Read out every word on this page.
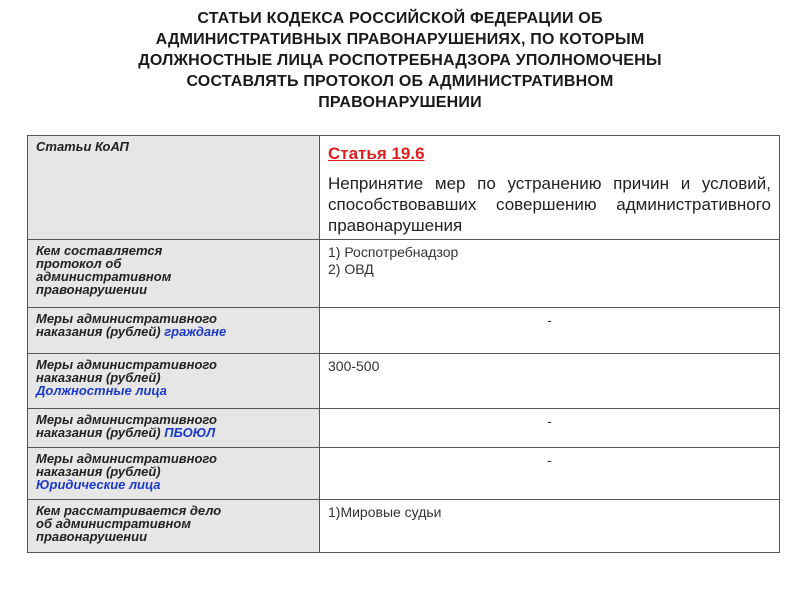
СТАТЬИ КОДЕКСА РОССИЙСКОЙ ФЕДЕРАЦИИ ОБ
АДМИНИСТРАТИВНЫХ ПРАВОНАРУШЕНИЯХ, ПО КОТОРЫМ
ДОЛЖНОСТНЫЕ ЛИЦА РОСПОТРЕБНАДЗОРА УПОЛНОМОЧЕНЫ
СОСТАВЛЯТЬ ПРОТОКОЛ ОБ АДМИНИСТРАТИВНОМ
ПРАВОНАРУШЕНИИ
Статьи КоАП	Статья 19.6
Непринятие мер по устранению причин и условий, способствовавших совершению административного правонарушения

Кем составляется
протокол об
административном
правонарушении	1) Роспотребнадзор
2) ОВД

Меры административного
наказания (рублей) граждане	-

Меры административного
наказания (рублей)
Должностные лица	300-500

Меры административного
наказания (рублей) ПБОЮЛ	-

Меры административного
наказания (рублей)
Юридические лица	-

Кем рассматривается дело
об административном
правонарушении	1)Мировые судьи
